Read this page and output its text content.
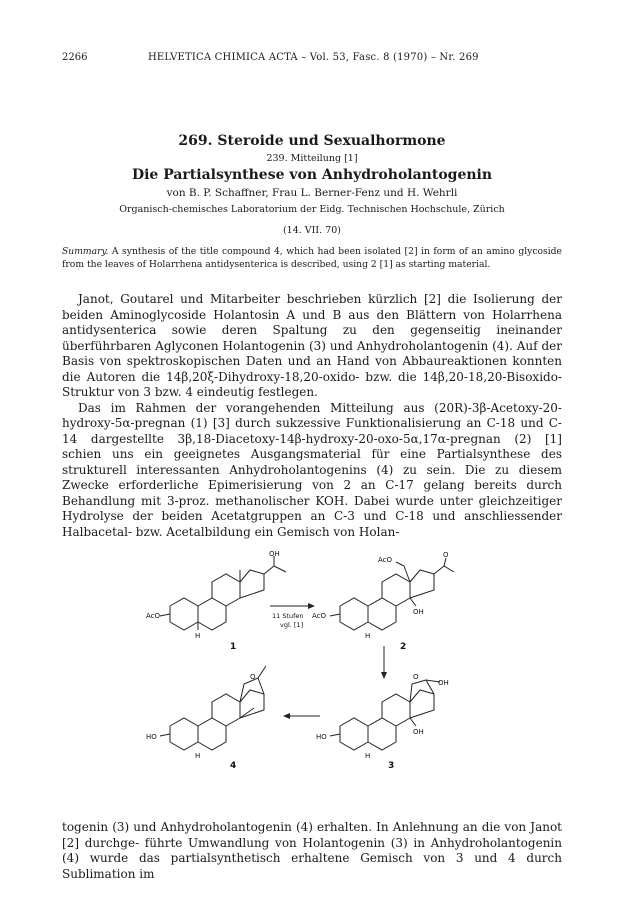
2266	HELVETICA CHIMICA ACTA – Vol. 53, Fasc. 8 (1970) – Nr. 269
269. Steroide und Sexualhormone
239. Mitteilung [1]
Die Partialsynthese von Anhydroholantogenin
von B. P. Schaffner, Frau L. Berner-Fenz und H. Wehrli
Organisch-chemisches Laboratorium der Eidg. Technischen Hochschule, Zürich
(14. VII. 70)
Summary. A synthesis of the title compound 4, which had been isolated [2] in form of an amino glycoside from the leaves of Holarrhena antidysenterica is described, using 2 [1] as starting material.

Janot, Goutarel und Mitarbeiter beschrieben kürzlich [2] die Isolierung der beiden Aminoglycoside Holantosin A und B aus den Blättern von Holarrhena antidysenterica sowie deren Spaltung zu den gegenseitig ineinander überführbaren Aglyconen Holantogenin (3) und Anhydroholantogenin (4). Auf der Basis von spektroskopischen Daten und an Hand von Abbaureaktionen konnten die Autoren die 14β,20ξ-Dihydroxy-18,20-oxido- bzw. die 14β,20-18,20-Bisoxido-Struktur von 3 bzw. 4 eindeutig festlegen.

Das im Rahmen der vorangehenden Mitteilung aus (20R)-3β-Acetoxy-20-hydroxy-5α-pregnan (1) [3] durch sukzessive Funktionalisierung an C-18 und C-14 dargestellte 3β,18-Diacetoxy-14β-hydroxy-20-oxo-5α,17α-pregnan (2) [1] schien uns ein geeignetes Ausgangsmaterial für eine Partialsynthese des strukturell interessanten Anhydroholantogenins (4) zu sein. Die zu diesem Zwecke erforderliche Epimerisierung von 2 an C-17 gelang bereits durch Behandlung mit 3-proz. methanolischer KOH. Dabei wurde unter gleichzeitiger Hydrolyse der beiden Acetatgruppen an C-3 und C-18 und anschliessender Halbacetal- bzw. Acetalbildung ein Gemisch von Holan-

OH
AcO
H
1
11 Stufen
vgl. [1]
AcO
O
AcO	OH
H
2
O
OH
OH
HO
H
3
O
HO
H
4

togenin (3) und Anhydroholantogenin (4) erhalten. In Anlehnung an die von Janot [2] durchge- führte Umwandlung von Holantogenin (3) in Anhydroholantogenin (4) wurde das partialsynthetisch erhaltene Gemisch von 3 und 4 durch Sublimation im
